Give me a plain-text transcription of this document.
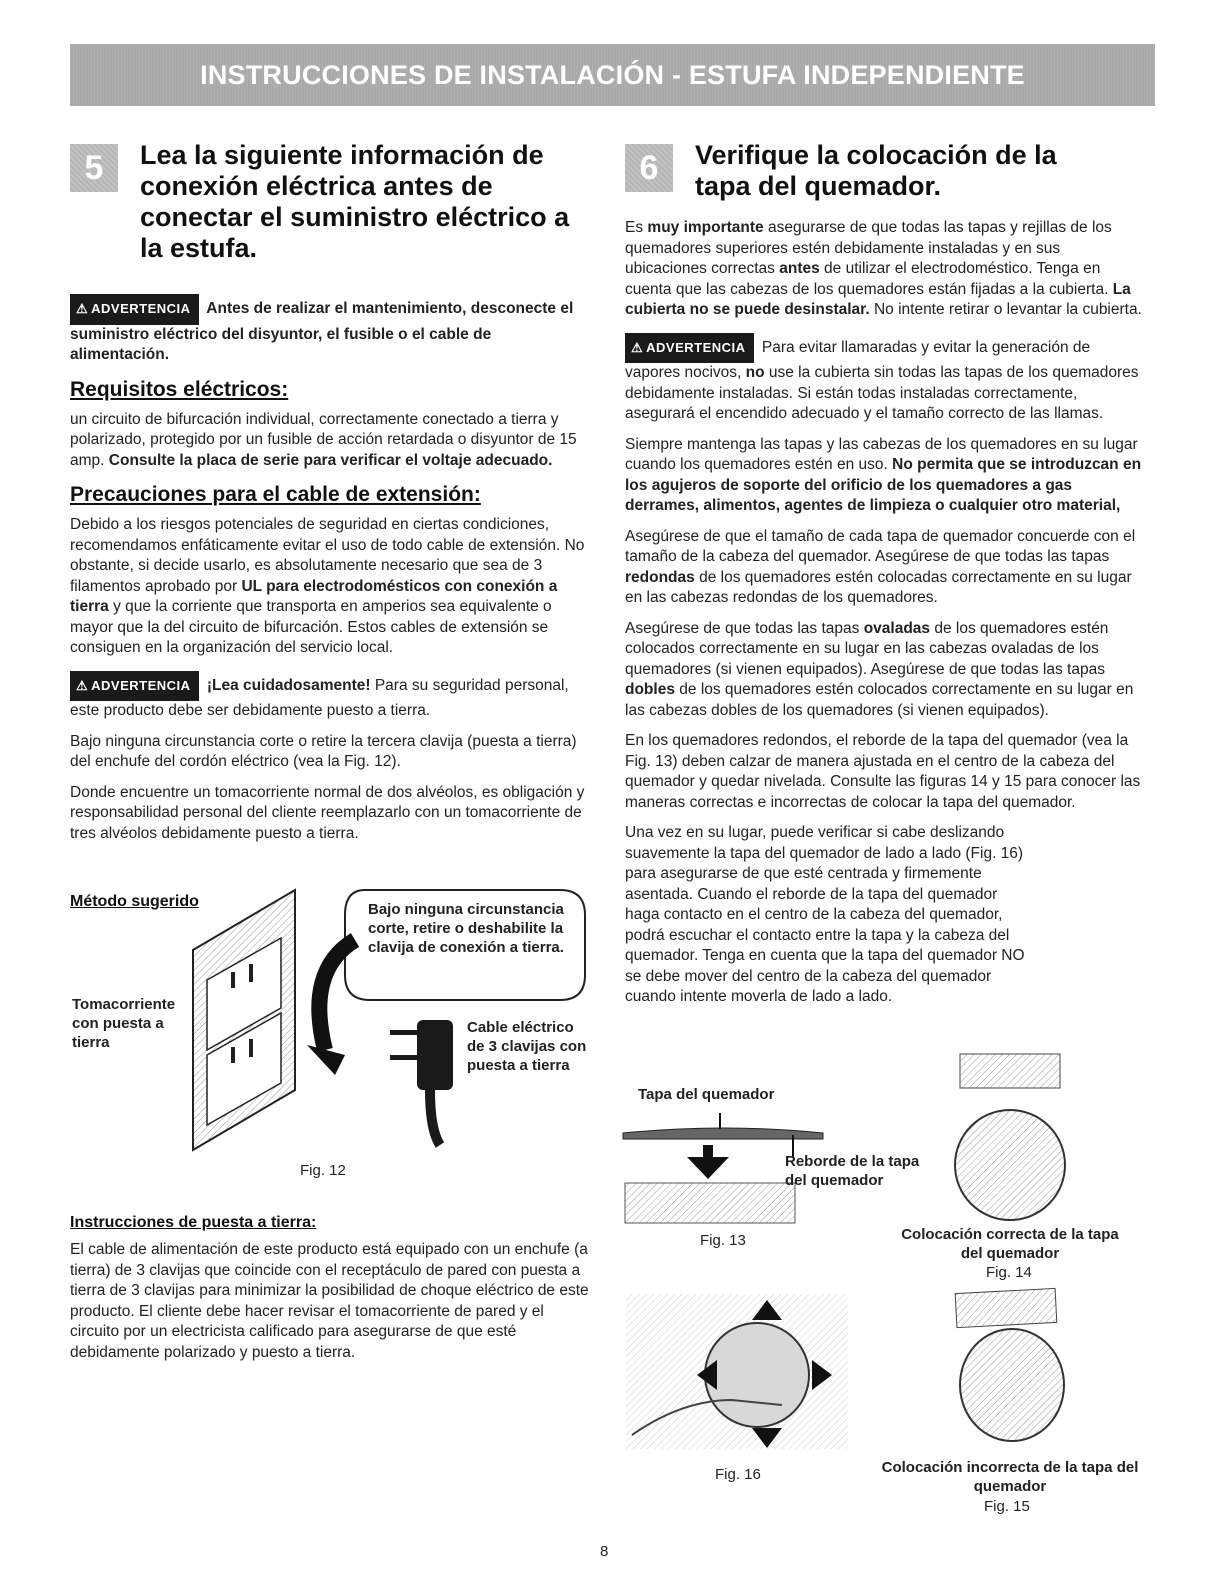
INSTRUCCIONES DE INSTALACIÓN - ESTUFA INDEPENDIENTE
5	Lea la siguiente información de conexión eléctrica antes de conectar el suministro eléctrico a la estufa.
⚠ ADVERTENCIA Antes de realizar el mantenimiento, desconecte el suministro eléctrico del disyuntor, el fusible o el cable de alimentación.
Requisitos eléctricos:
un circuito de bifurcación individual, correctamente conectado a tierra y polarizado, protegido por un fusible de acción retardada o disyuntor de 15 amp. Consulte la placa de serie para verificar el voltaje adecuado.
Precauciones para el cable de extensión:
Debido a los riesgos potenciales de seguridad en ciertas condiciones, recomendamos enfáticamente evitar el uso de todo cable de extensión. No obstante, si decide usarlo, es absolutamente necesario que sea de 3 filamentos aprobado por UL para electrodomésticos con conexión a tierra y que la corriente que transporta en amperios sea equivalente o mayor que la del circuito de bifurcación. Estos cables de extensión se consiguen en la organización del servicio local.
⚠ ADVERTENCIA ¡Lea cuidadosamente! Para su seguridad personal, este producto debe ser debidamente puesto a tierra.
Bajo ninguna circunstancia corte o retire la tercera clavija (puesta a tierra) del enchufe del cordón eléctrico (vea la Fig. 12).
Donde encuentre un tomacorriente normal de dos alvéolos, es obligación y responsabilidad personal del cliente reemplazarlo con un tomacorriente de tres alvéolos debidamente puesto a tierra.
Método sugerido
Tomacorriente con puesta a tierra
Bajo ninguna circunstancia corte, retire o deshabilite la clavija de conexión a tierra.
Cable eléctrico de 3 clavijas con puesta a tierra
Fig. 12
Instrucciones de puesta a tierra:
El cable de alimentación de este producto está equipado con un enchufe (a tierra) de 3 clavijas que coincide con el receptáculo de pared con puesta a tierra de 3 clavijas para minimizar la posibilidad de choque eléctrico de este producto. El cliente debe hacer revisar el tomacorriente de pared y el circuito por un electricista calificado para asegurarse de que esté debidamente polarizado y puesto a tierra.
6	Verifique la colocación de la tapa del quemador.
Es muy importante asegurarse de que todas las tapas y rejillas de los quemadores superiores estén debidamente instaladas y en sus ubicaciones correctas antes de utilizar el electrodoméstico. Tenga en cuenta que las cabezas de los quemadores están fijadas a la cubierta. La cubierta no se puede desinstalar. No intente retirar o levantar la cubierta.
⚠ ADVERTENCIA Para evitar llamaradas y evitar la generación de vapores nocivos, no use la cubierta sin todas las tapas de los quemadores debidamente instaladas. Si están todas instaladas correctamente, asegurará el encendido adecuado y el tamaño correcto de las llamas.
Siempre mantenga las tapas y las cabezas de los quemadores en su lugar cuando los quemadores estén en uso. No permita que se introduzcan en los agujeros de soporte del orificio de los quemadores a gas derrames, alimentos, agentes de limpieza o cualquier otro material,
Asegúrese de que el tamaño de cada tapa de quemador concuerde con el tamaño de la cabeza del quemador. Asegúrese de que todas las tapas redondas de los quemadores estén colocadas correctamente en su lugar en las cabezas redondas de los quemadores.
Asegúrese de que todas las tapas ovaladas de los quemadores estén colocados correctamente en su lugar en las cabezas ovaladas de los quemadores (si vienen equipados). Asegúrese de que todas las tapas dobles de los quemadores estén colocados correctamente en su lugar en las cabezas dobles de los quemadores (si vienen equipados).
En los quemadores redondos, el reborde de la tapa del quemador (vea la Fig. 13) deben calzar de manera ajustada en el centro de la cabeza del quemador y quedar nivelada. Consulte las figuras 14 y 15 para conocer las maneras correctas e incorrectas de colocar la tapa del quemador.
Una vez en su lugar, puede verificar si cabe deslizando suavemente la tapa del quemador de lado a lado (Fig. 16) para asegurarse de que esté centrada y firmemente asentada. Cuando el reborde de la tapa del quemador haga contacto en el centro de la cabeza del quemador, podrá escuchar el contacto entre la tapa y la cabeza del quemador. Tenga en cuenta que la tapa del quemador NO se debe mover del centro de la cabeza del quemador cuando intente moverla de lado a lado.
Tapa del quemador
Reborde de la tapa del quemador
Fig. 13	Colocación correcta de la tapa del quemador
Fig. 14
Fig. 16	Colocación incorrecta de la tapa del quemador
Fig. 15
8
